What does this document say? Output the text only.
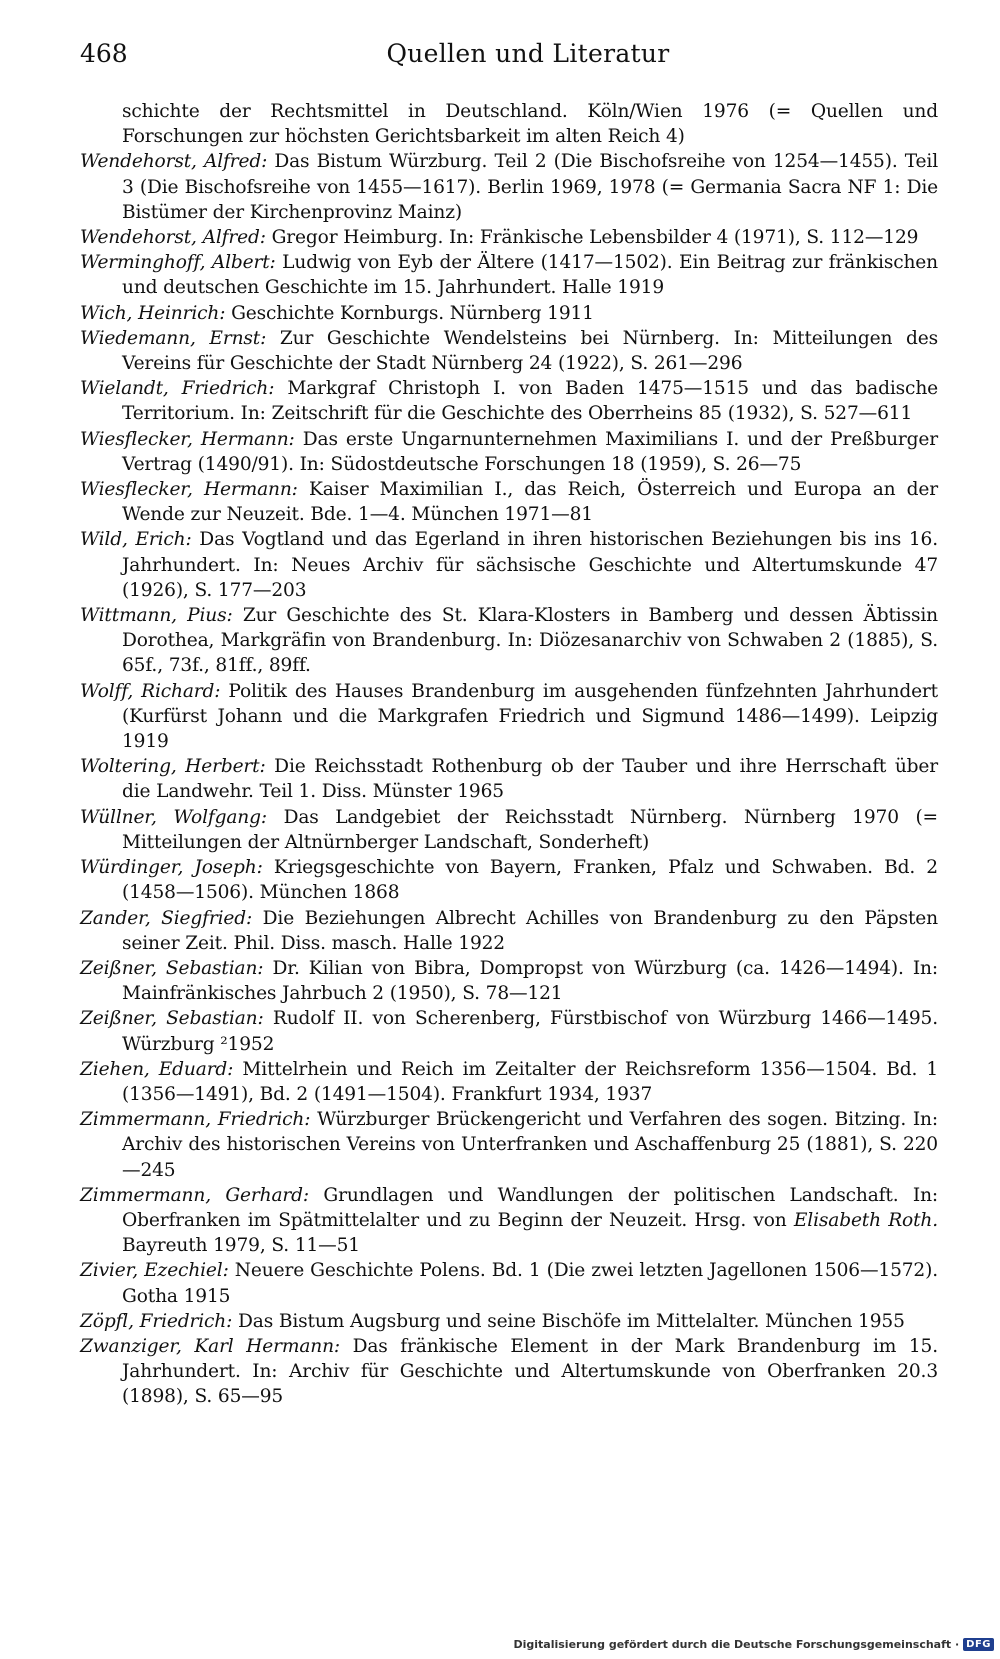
468	Quellen und Literatur

schichte der Rechtsmittel in Deutschland. Köln/Wien 1976 (= Quellen und Forschungen zur höchsten Gerichtsbarkeit im alten Reich 4)

Wendehorst, Alfred: Das Bistum Würzburg. Teil 2 (Die Bischofsreihe von 1254—1455). Teil 3 (Die Bischofsreihe von 1455—1617). Berlin 1969, 1978 (= Germania Sacra NF 1: Die Bistümer der Kirchenprovinz Mainz)

Wendehorst, Alfred: Gregor Heimburg. In: Fränkische Lebensbilder 4 (1971), S. 112—129

Werminghoff, Albert: Ludwig von Eyb der Ältere (1417—1502). Ein Beitrag zur fränkischen und deutschen Geschichte im 15. Jahrhundert. Halle 1919

Wich, Heinrich: Geschichte Kornburgs. Nürnberg 1911

Wiedemann, Ernst: Zur Geschichte Wendelsteins bei Nürnberg. In: Mitteilungen des Vereins für Geschichte der Stadt Nürnberg 24 (1922), S. 261—296

Wielandt, Friedrich: Markgraf Christoph I. von Baden 1475—1515 und das badische Territorium. In: Zeitschrift für die Geschichte des Oberrheins 85 (1932), S. 527—611

Wiesflecker, Hermann: Das erste Ungarnunternehmen Maximilians I. und der Preßburger Vertrag (1490/91). In: Südostdeutsche Forschungen 18 (1959), S. 26—75

Wiesflecker, Hermann: Kaiser Maximilian I., das Reich, Österreich und Europa an der Wende zur Neuzeit. Bde. 1—4. München 1971—81

Wild, Erich: Das Vogtland und das Egerland in ihren historischen Beziehungen bis ins 16. Jahrhundert. In: Neues Archiv für sächsische Geschichte und Altertumskunde 47 (1926), S. 177—203

Wittmann, Pius: Zur Geschichte des St. Klara-Klosters in Bamberg und dessen Äbtissin Dorothea, Markgräfin von Brandenburg. In: Diözesanarchiv von Schwaben 2 (1885), S. 65f., 73f., 81ff., 89ff.

Wolff, Richard: Politik des Hauses Brandenburg im ausgehenden fünfzehnten Jahrhundert (Kurfürst Johann und die Markgrafen Friedrich und Sigmund 1486—1499). Leipzig 1919

Woltering, Herbert: Die Reichsstadt Rothenburg ob der Tauber und ihre Herrschaft über die Landwehr. Teil 1. Diss. Münster 1965

Wüllner, Wolfgang: Das Landgebiet der Reichsstadt Nürnberg. Nürnberg 1970 (= Mitteilungen der Altnürnberger Landschaft, Sonderheft)

Würdinger, Joseph: Kriegsgeschichte von Bayern, Franken, Pfalz und Schwaben. Bd. 2 (1458—1506). München 1868

Zander, Siegfried: Die Beziehungen Albrecht Achilles von Brandenburg zu den Päpsten seiner Zeit. Phil. Diss. masch. Halle 1922

Zeißner, Sebastian: Dr. Kilian von Bibra, Dompropst von Würzburg (ca. 1426—1494). In: Mainfränkisches Jahrbuch 2 (1950), S. 78—121

Zeißner, Sebastian: Rudolf II. von Scherenberg, Fürstbischof von Würzburg 1466—1495. Würzburg ²1952

Ziehen, Eduard: Mittelrhein und Reich im Zeitalter der Reichsreform 1356—1504. Bd. 1 (1356—1491), Bd. 2 (1491—1504). Frankfurt 1934, 1937

Zimmermann, Friedrich: Würzburger Brückengericht und Verfahren des sogen. Bitzing. In: Archiv des historischen Vereins von Unterfranken und Aschaffenburg 25 (1881), S. 220—245

Zimmermann, Gerhard: Grundlagen und Wandlungen der politischen Landschaft. In: Oberfranken im Spätmittelalter und zu Beginn der Neuzeit. Hrsg. von Elisabeth Roth. Bayreuth 1979, S. 11—51

Zivier, Ezechiel: Neuere Geschichte Polens. Bd. 1 (Die zwei letzten Jagellonen 1506—1572). Gotha 1915

Zöpfl, Friedrich: Das Bistum Augsburg und seine Bischöfe im Mittelalter. München 1955

Zwanziger, Karl Hermann: Das fränkische Element in der Mark Brandenburg im 15. Jahrhundert. In: Archiv für Geschichte und Altertumskunde von Oberfranken 20.3 (1898), S. 65—95

Digitalisierung gefördert durch die Deutsche Forschungsgemeinschaft · DFG
